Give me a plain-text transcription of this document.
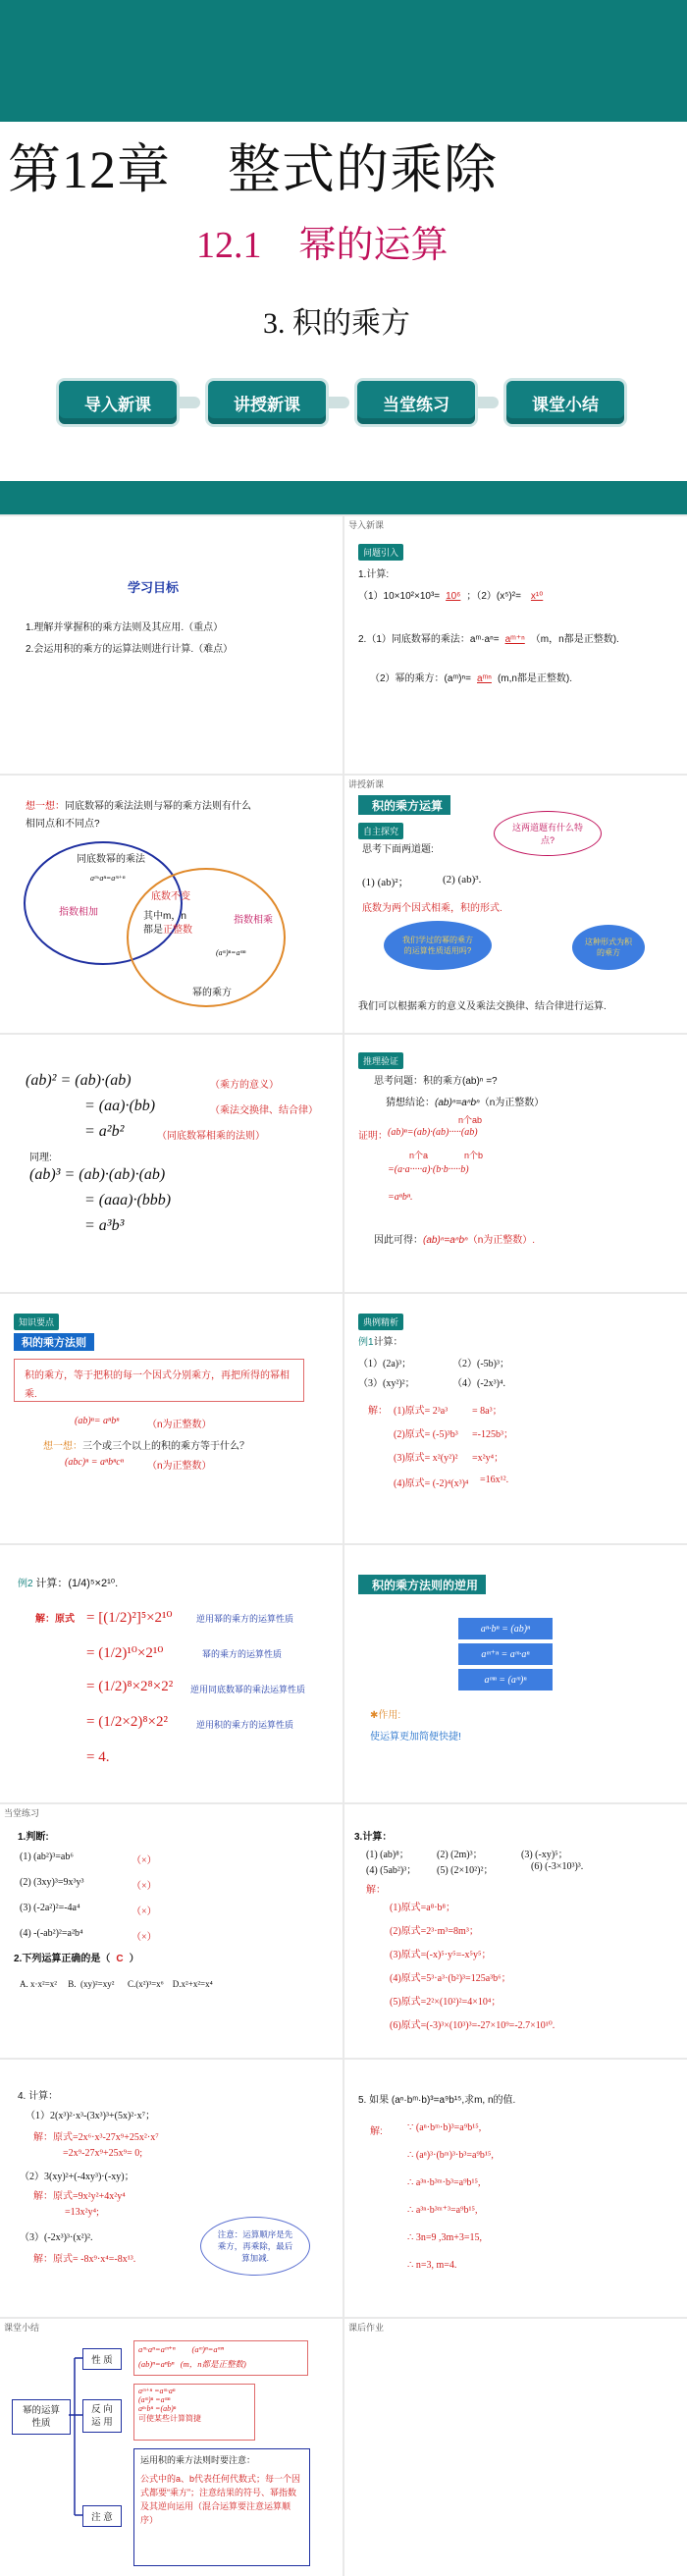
第12章    整式的乘除
12.1    幂的运算
3. 积的乘方
导入新课	讲授新课	当堂练习	课堂小结
学习目标
1.理解并掌握积的乘方法则及其应用.（重点）
2.会运用积的乘方的运算法则进行计算.（难点）
导入新课
问题引入
1.计算:
（1）10×10²×10³= 10⁶ ；（2）(x⁵)²= x¹⁰
2.（1）同底数幂的乘法：aᵐ·aⁿ= aᵐ⁺ⁿ （m，n都是正整数).
（2）幂的乘方：(aᵐ)ⁿ= aᵐⁿ (m,n都是正整数).
想一想：同底数幂的乘法法则与幂的乘方法则有什么
相同点和不同点?
同底数幂的乘法
aᵐ·aⁿ=aᵐ⁺ⁿ
指数相加
底数不变
其中m，n
都是正整数
指数相乘
(aᵐ)ⁿ=aᵐⁿ
幂的乘方
讲授新课
积的乘方运算
自主探究
思考下面两道题:
这两道题有什么特点?
(1) (ab)²；	(2) (ab)³.
底数为两个因式相乘，积的形式.
我们学过的幂的乘方的运算性质适用吗?
这种形式为积的乘方
我们可以根据乘方的意义及乘法交换律、结合律进行运算.
(ab)² = (ab)·(ab)	（乘方的意义）
= (aa)·(bb)	（乘法交换律、结合律）
= a²b²	（同底数幂相乘的法则）
同理:
(ab)³ = (ab)·(ab)·(ab)
= (aaa)·(bbb)
= a³b³
推理验证
思考问题：积的乘方(ab)ⁿ =?
猜想结论：(ab)ⁿ=aⁿbⁿ（n为正整数）
n个ab
证明： (ab)ⁿ=(ab)·(ab)·····(ab)
n个a	n个b
=(a·a·····a)·(b·b·····b)
=aⁿbⁿ.
因此可得：(ab)ⁿ=aⁿbⁿ（n为正整数）.
知识要点
积的乘方法则
积的乘方，等于把积的每一个因式分别乘方，再把所得的幂相乘.
(ab)ⁿ= aⁿbⁿ	（n为正整数）
想一想：三个或三个以上的积的乘方等于什么？
(abc)ⁿ = aⁿbⁿcⁿ （n为正整数）
典例精析
例1计算：
（1）(2a)³；	（2）(-5b)³；
（3）(xy²)²；	（4）(-2x³)⁴.
解： (1)原式= 2³a³ = 8a³；
(2)原式= (-5)³b³ =-125b³；
(3)原式= x²(y²)² =x²y⁴；
(4)原式= (-2)⁴(x³)⁴ =16x¹².
例2 计算：(1/4)⁵×2¹⁰.
解：原式 = [(1/2)²]⁵×2¹⁰	逆用幂的乘方的运算性质
= (1/2)¹⁰×2¹⁰	幂的乘方的运算性质
= (1/2)⁸×2⁸×2² 逆用同底数幂的乘法运算性质
= (1/2×2)⁸×2²	逆用积的乘方的运算性质
= 4.
积的乘方法则的逆用
aⁿ·bⁿ = (ab)ⁿ
aᵐ⁺ⁿ = aᵐ·aⁿ
aᵐⁿ = (aᵐ)ⁿ
✱作用:
使运算更加简便快捷!
当堂练习
1.判断:
(1) (ab²)³=ab⁶	（×）
(2) (3xy)³=9x³y³	（×）
(3) (-2a²)²=-4a⁴	（×）
(4) -(-ab²)²=a²b⁴	（×）
2.下列运算正确的是（ C ）
A. x·x²=x²     B.  (xy)²=xy²      C.(x²)³=x⁶    D.x²+x²=x⁴
3.计算：
(1) (ab)⁸；	(2) (2m)³；	(3) (-xy)⁵；
(4) (5ab²)³； (5) (2×10²)²；	(6) (-3×10³)³.
解：
(1)原式=a⁸·b⁸；
(2)原式=2³·m³=8m³；
(3)原式=(-x)⁵·y⁵=-x⁵y⁵；
(4)原式=5³·a³·(b²)³=125a³b⁶；
(5)原式=2²×(10²)²=4×10⁴；
(6)原式=(-3)³×(10³)³=-27×10⁹=-2.7×10¹⁰.
4. 计算：
（1）2(x³)²·x³-(3x³)³+(5x)²·x⁷；
解：原式=2x⁶·x³-27x⁹+25x²·x⁷
=2x⁹-27x⁹+25x⁹= 0;
（2）3(xy)²+(-4xy³)·(-xy)；
解：原式=9x²y²+4x²y⁴
=13x²y⁴;
（3）(-2x³)³·(x²)².
解：原式= -8x⁹·x⁴=-8x¹³.
注意：运算顺序是先乘方，再乘除，最后算加减.
5. 如果 (aⁿ·bᵐ·b)³=a⁹b¹⁵,求m, n的值.
解:	∵ (aⁿ·bᵐ·b)³=a⁹b¹⁵,
∴ (aⁿ)³·(bᵐ)³·b³=a⁹b¹⁵,
∴ a³ⁿ·b³ᵐ·b³=a⁹b¹⁵,
∴ a³ⁿ·b³ᵐ⁺³=a⁹b¹⁵,
∴ 3n=9 ,3m+3=15,
∴ n=3, m=4.
课堂小结
幂的运算性质
性 质
aᵐ·aⁿ=aᵐ⁺ⁿ        (aᵐ)ⁿ=aᵐⁿ
(ab)ⁿ=aⁿbⁿ   (m，n都是正整数)
反 向
运 用
aᵐ⁺ⁿ =aᵐ·aⁿ
(aᵐ)ⁿ =aᵐⁿ
aⁿ·bⁿ =(ab)ⁿ
可使某些计算简捷
注 意
运用积的乘方法则时要注意：
公式中的a、b代表任何代数式；每一个因式都要“乘方”；注意结果的符号、幂指数及其逆向运用（混合运算要注意运算顺序）
课后作业
